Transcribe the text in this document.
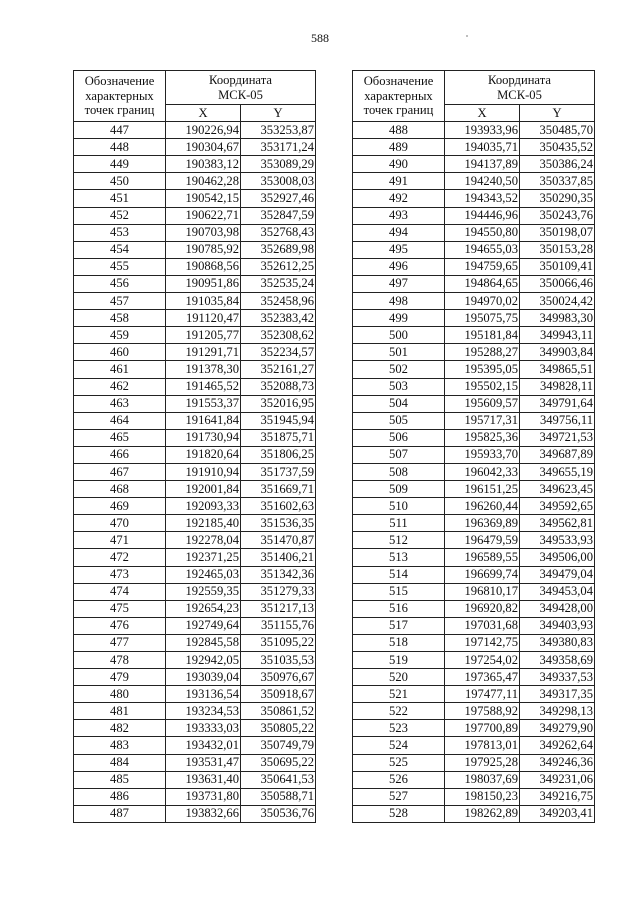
588
Обозначение
характерных
точек границ	Координата
МСК-05	
	X	Y
447	190226,94	353253,87
448	190304,67	353171,24
449	190383,12	353089,29
450	190462,28	353008,03
451	190542,15	352927,46
452	190622,71	352847,59
453	190703,98	352768,43
454	190785,92	352689,98
455	190868,56	352612,25
456	190951,86	352535,24
457	191035,84	352458,96
458	191120,47	352383,42
459	191205,77	352308,62
460	191291,71	352234,57
461	191378,30	352161,27
462	191465,52	352088,73
463	191553,37	352016,95
464	191641,84	351945,94
465	191730,94	351875,71
466	191820,64	351806,25
467	191910,94	351737,59
468	192001,84	351669,71
469	192093,33	351602,63
470	192185,40	351536,35
471	192278,04	351470,87
472	192371,25	351406,21
473	192465,03	351342,36
474	192559,35	351279,33
475	192654,23	351217,13
476	192749,64	351155,76
477	192845,58	351095,22
478	192942,05	351035,53
479	193039,04	350976,67
480	193136,54	350918,67
481	193234,53	350861,52
482	193333,03	350805,22
483	193432,01	350749,79
484	193531,47	350695,22
485	193631,40	350641,53
486	193731,80	350588,71
487	193832,66	350536,76
Обозначение
характерных
точек границ	Координата
МСК-05	
	X	Y
488	193933,96	350485,70
489	194035,71	350435,52
490	194137,89	350386,24
491	194240,50	350337,85
492	194343,52	350290,35
493	194446,96	350243,76
494	194550,80	350198,07
495	194655,03	350153,28
496	194759,65	350109,41
497	194864,65	350066,46
498	194970,02	350024,42
499	195075,75	349983,30
500	195181,84	349943,11
501	195288,27	349903,84
502	195395,05	349865,51
503	195502,15	349828,11
504	195609,57	349791,64
505	195717,31	349756,11
506	195825,36	349721,53
507	195933,70	349687,89
508	196042,33	349655,19
509	196151,25	349623,45
510	196260,44	349592,65
511	196369,89	349562,81
512	196479,59	349533,93
513	196589,55	349506,00
514	196699,74	349479,04
515	196810,17	349453,04
516	196920,82	349428,00
517	197031,68	349403,93
518	197142,75	349380,83
519	197254,02	349358,69
520	197365,47	349337,53
521	197477,11	349317,35
522	197588,92	349298,13
523	197700,89	349279,90
524	197813,01	349262,64
525	197925,28	349246,36
526	198037,69	349231,06
527	198150,23	349216,75
528	198262,89	349203,41
